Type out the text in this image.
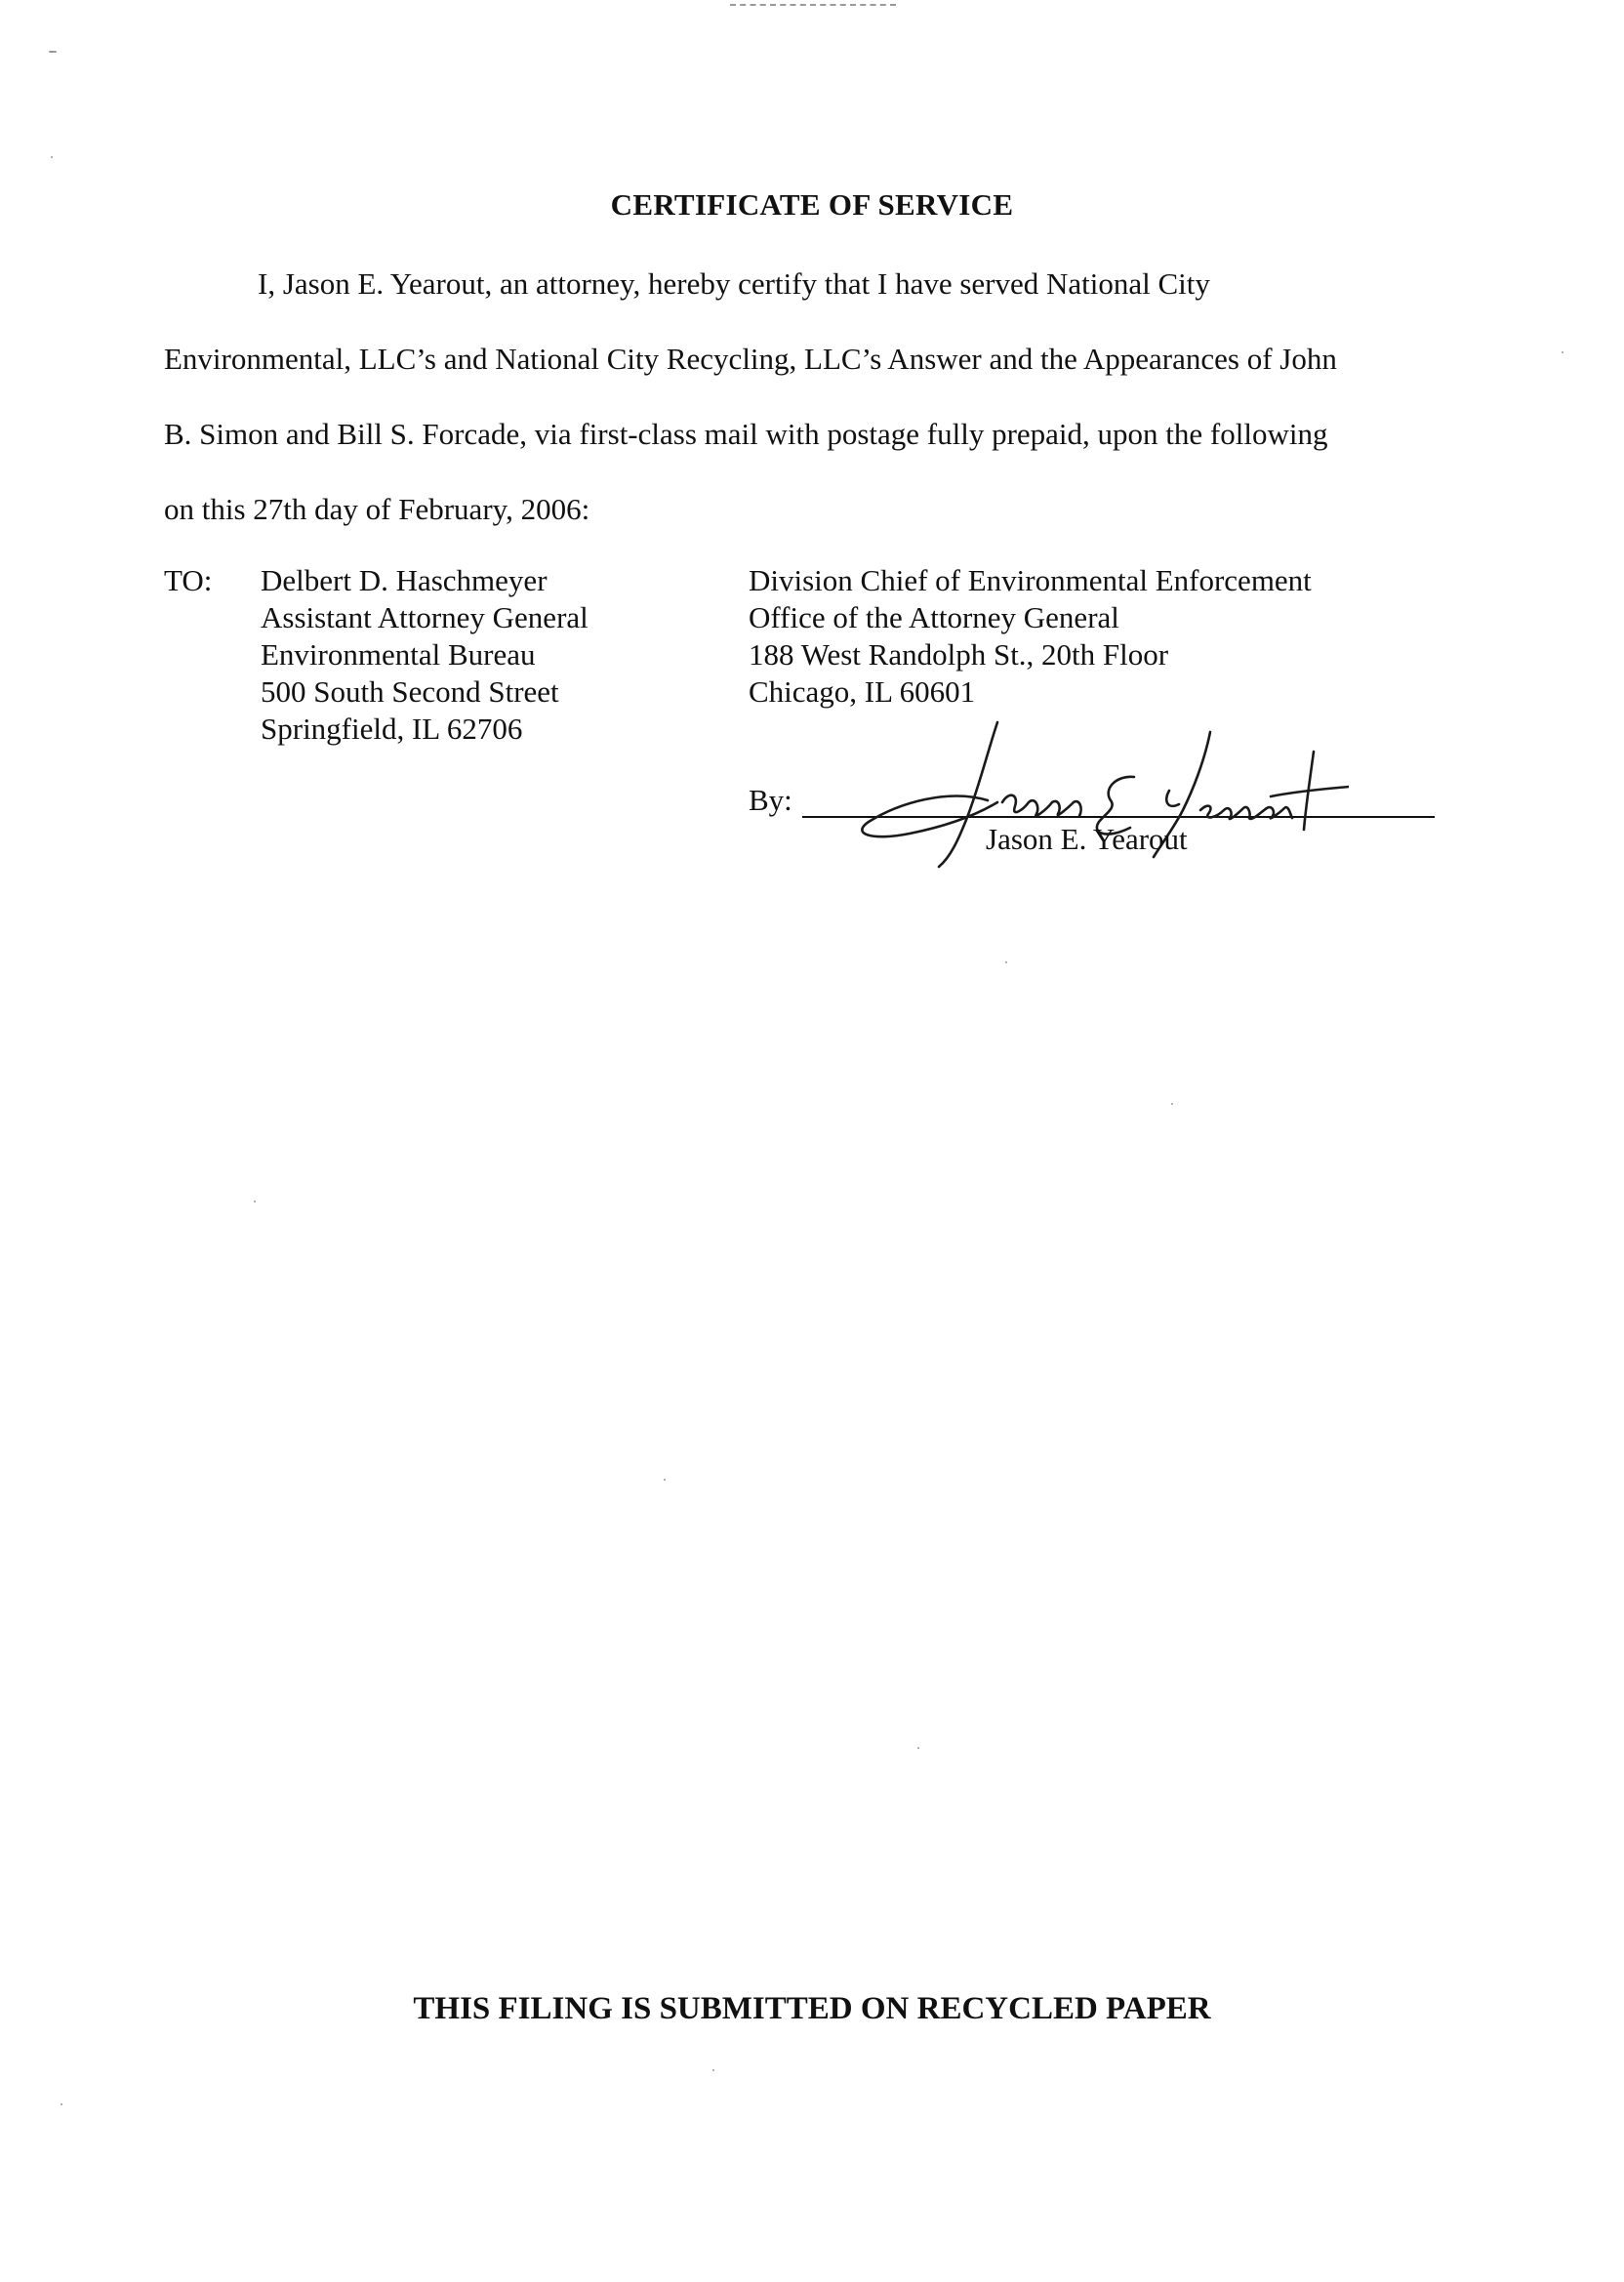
CERTIFICATE OF SERVICE
I, Jason E. Yearout, an attorney, hereby certify that I have served National City
Environmental, LLC’s and National City Recycling, LLC’s Answer and the Appearances of John
B. Simon and Bill S. Forcade, via first-class mail with postage fully prepaid, upon the following
on this 27th day of February, 2006:
TO: Delbert D. Haschmeyer
Assistant Attorney General
Environmental Bureau
500 South Second Street
Springfield, IL 62706
Division Chief of Environmental Enforcement
Office of the Attorney General
188 West Randolph St., 20th Floor
Chicago, IL 60601
By:
Jason E. Yearout
THIS FILING IS SUBMITTED ON RECYCLED PAPER
